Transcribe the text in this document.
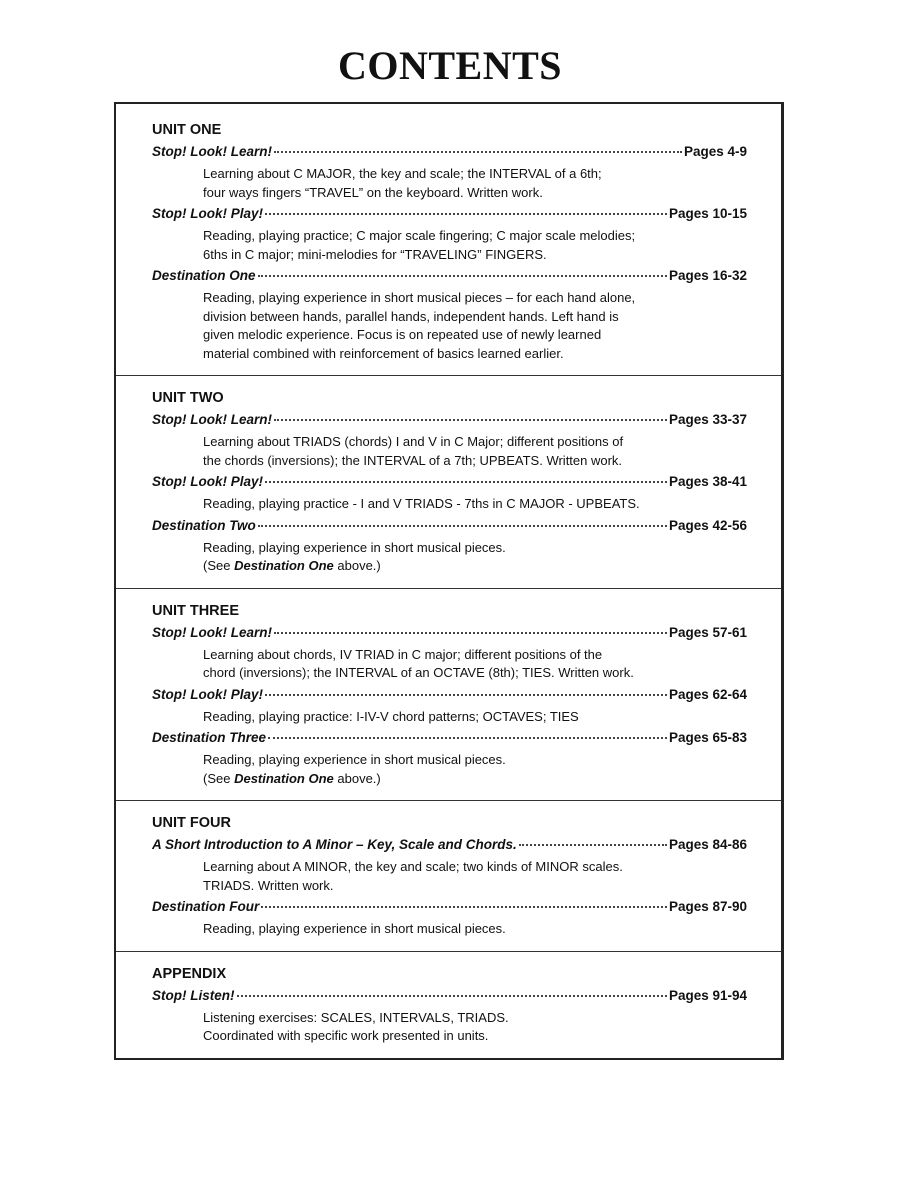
CONTENTS
UNIT ONE
Stop! Look! Learn!	Pages 4-9

Learning about C MAJOR, the key and scale; the INTERVAL of a 6th;

four ways fingers “TRAVEL” on the keyboard. Written work.

Stop! Look! Play!	Pages 10-15

Reading, playing practice; C major scale fingering; C major scale melodies;

6ths in C major; mini-melodies for “TRAVELING” FINGERS.

Destination One	Pages 16-32

Reading, playing experience in short musical pieces – for each hand alone,

division between hands, parallel hands, independent hands. Left hand is

given melodic experience. Focus is on repeated use of newly learned

material combined with reinforcement of basics learned earlier.

UNIT TWO
Stop! Look! Learn!	Pages 33-37

Learning about TRIADS (chords) I and V in C Major; different positions of

the chords (inversions); the INTERVAL of a 7th; UPBEATS. Written work.

Stop! Look! Play!	Pages 38-41

Reading, playing practice - I and V TRIADS - 7ths in C MAJOR - UPBEATS.

Destination Two	Pages 42-56

Reading, playing experience in short musical pieces.

(See Destination One above.)

UNIT THREE
Stop! Look! Learn!	Pages 57-61

Learning about chords, IV TRIAD in C major; different positions of the

chord (inversions); the INTERVAL of an OCTAVE (8th); TIES. Written work.

Stop! Look! Play!	Pages 62-64

Reading, playing practice: I-IV-V chord patterns; OCTAVES; TIES

Destination Three	Pages 65-83

Reading, playing experience in short musical pieces.

(See Destination One above.)

UNIT FOUR
A Short Introduction to A Minor – Key, Scale and Chords.	Pages 84-86

Learning about A MINOR, the key and scale; two kinds of MINOR scales.

TRIADS. Written work.

Destination Four	Pages 87-90

Reading, playing experience in short musical pieces.

APPENDIX
Stop! Listen!	Pages 91-94

Listening exercises: SCALES, INTERVALS, TRIADS.

Coordinated with specific work presented in units.
